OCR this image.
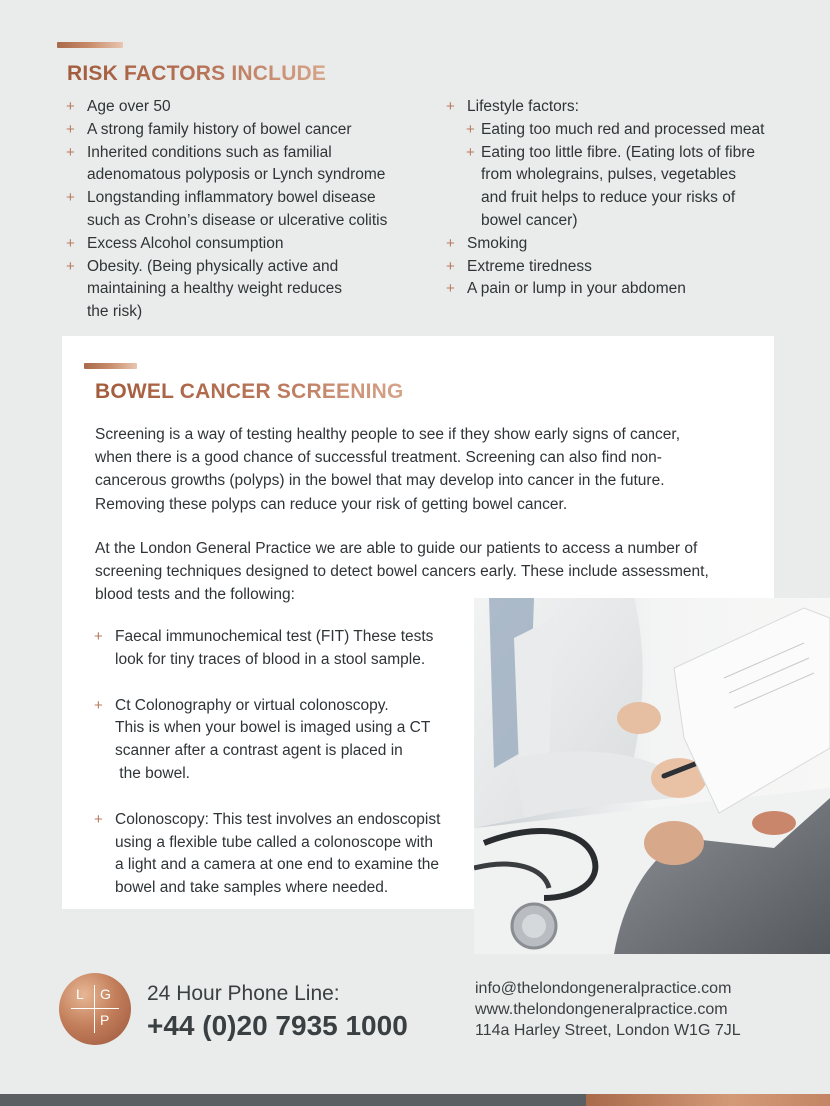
RISK FACTORS INCLUDE
+ Age over 50
+ A strong family history of bowel cancer
+ Inherited conditions such as familial
adenomatous polyposis or Lynch syndrome
+ Longstanding inflammatory bowel disease
such as Crohn’s disease or ulcerative colitis
+ Excess Alcohol consumption
+ Obesity. (Being physically active and
maintaining a healthy weight reduces
the risk)
+ Lifestyle factors:
+ Eating too much red and processed meat
+ Eating too little fibre. (Eating lots of fibre
from wholegrains, pulses, vegetables
and fruit helps to reduce your risks of
bowel cancer)
+ Smoking
+ Extreme tiredness
+ A pain or lump in your abdomen
BOWEL CANCER SCREENING
Screening is a way of testing healthy people to see if they show early signs of cancer,
when there is a good chance of successful treatment. Screening can also find non-
cancerous growths (polyps) in the bowel that may develop into cancer in the future.
Removing these polyps can reduce your risk of getting bowel cancer.
At the London General Practice we are able to guide our patients to access a number of
screening techniques designed to detect bowel cancers early. These include assessment,
blood tests and the following:
+ Faecal immunochemical test (FIT) These tests
look for tiny traces of blood in a stool sample.
+ Ct Colonography or virtual colonoscopy.
This is when your bowel is imaged using a CT
scanner after a contrast agent is placed in
the bowel.
+ Colonoscopy: This test involves an endoscopist
using a flexible tube called a colonoscope with
a light and a camera at one end to examine the
bowel and take samples where needed.
L G
P
24 Hour Phone Line:
+44 (0)20 7935 1000
info@thelondongeneralpractice.com
www.thelondongeneralpractice.com
114a Harley Street, London W1G 7JL
